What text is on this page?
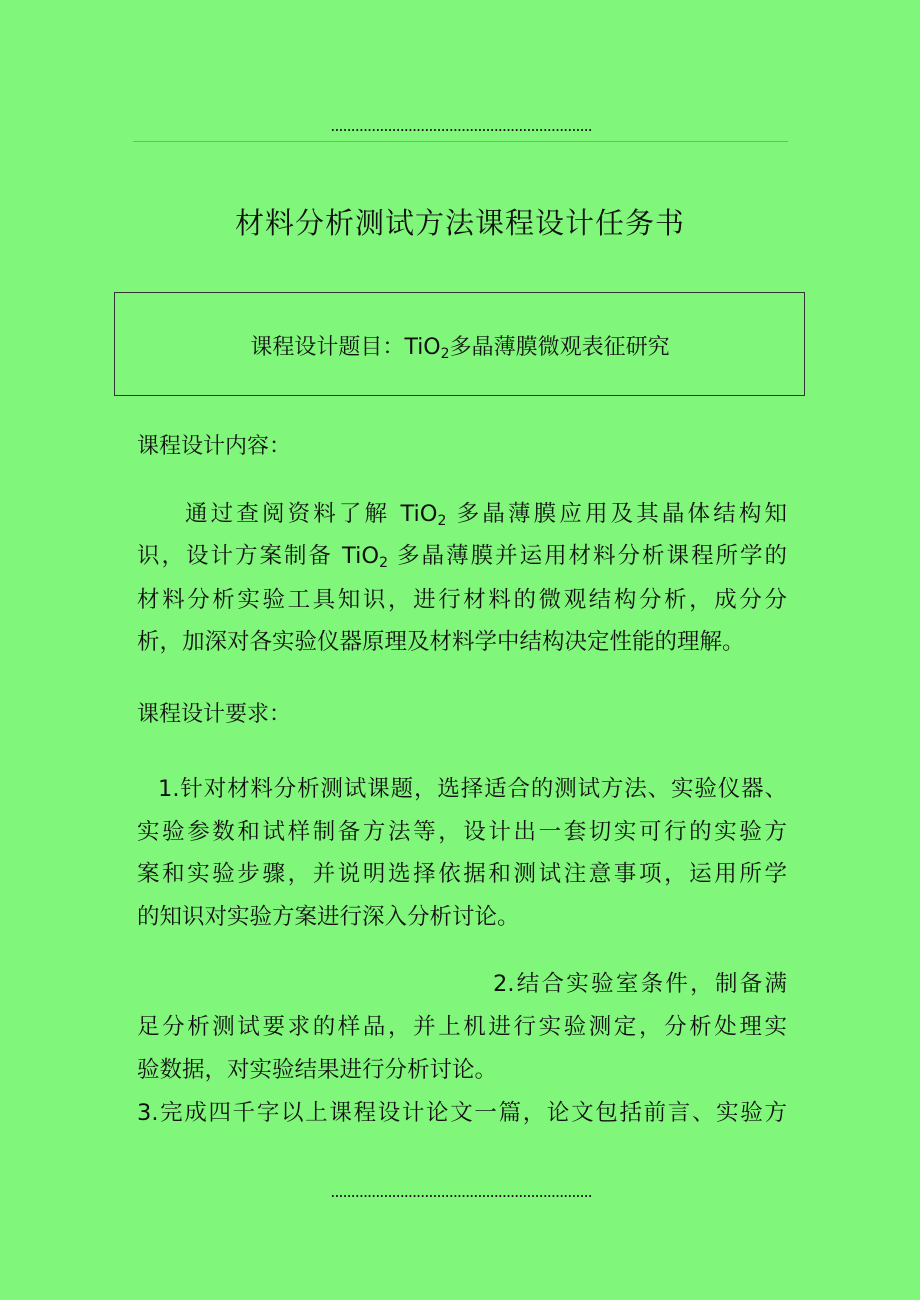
................................................................
材料分析测试方法课程设计任务书
课程设计题目：TiO$_2$多晶薄膜微观表征研究
课程设计内容：
通过查阅资料了解 TiO$_2$ 多晶薄膜应用及其晶体结构知
识，设计方案制备 TiO$_2$ 多晶薄膜并运用材料分析课程所学的
材料分析实验工具知识，进行材料的微观结构分析，成分分
析，加深对各实验仪器原理及材料学中结构决定性能的理解。
课程设计要求：
1.针对材料分析测试课题，选择适合的测试方法、实验仪器、
实验参数和试样制备方法等，设计出一套切实可行的实验方
案和实验步骤，并说明选择依据和测试注意事项，运用所学
的知识对实验方案进行深入分析讨论。
2.结合实验室条件，制备满
足分析测试要求的样品，并上机进行实验测定，分析处理实
验数据，对实验结果进行分析讨论。
3.完成四千字以上课程设计论文一篇，论文包括前言、实验方
................................................................
